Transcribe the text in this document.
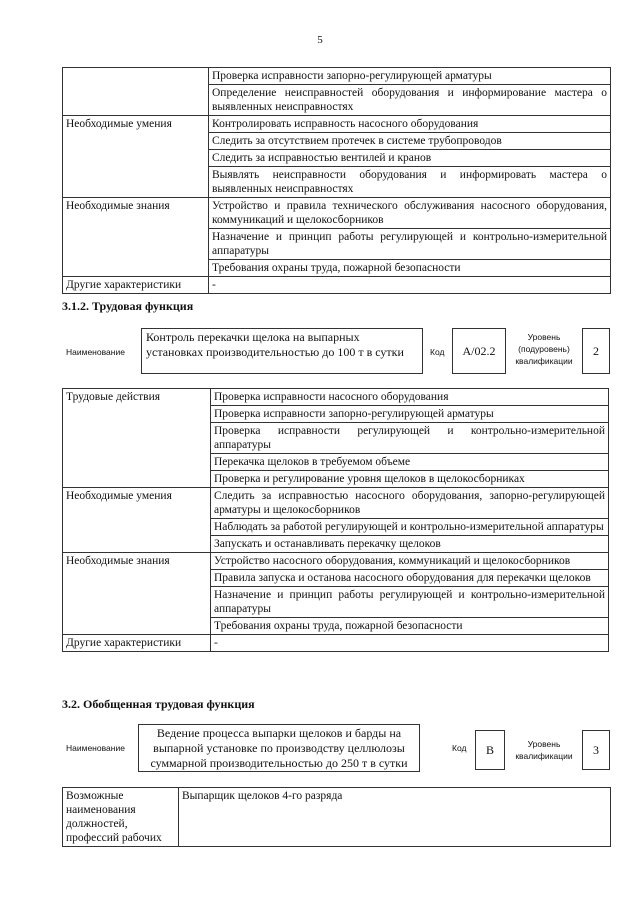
5
	Проверка исправности запорно-регулирующей арматуры
	Определение неисправностей оборудования и информирование мастера о выявленных неисправностях
Необходимые умения	Контролировать исправность насосного оборудования
	Следить за отсутствием протечек в системе трубопроводов
	Следить за исправностью вентилей и кранов
	Выявлять неисправности оборудования и информировать мастера о выявленных неисправностях
Необходимые знания	Устройство и правила технического обслуживания насосного оборудования, коммуникаций и щелокосборников
	Назначение и принцип работы регулирующей и контрольно-измерительной аппаратуры
	Требования охраны труда, пожарной безопасности
Другие характеристики	-
3.1.2. Трудовая функция
Наименование
Контроль перекачки щелока на выпарных установках производительностью до 100 т в сутки	Код	А/02.2
Уровень (подуровень) квалификации
2
Трудовые действия	Проверка исправности насосного оборудования
	Проверка исправности запорно-регулирующей арматуры
	Проверка исправности регулирующей и контрольно-измерительной аппаратуры
	Перекачка щелоков в требуемом объеме
	Проверка и регулирование уровня щелоков в щелокосборниках
Необходимые умения	Следить за исправностью насосного оборудования, запорно-регулирующей арматуры и щелокосборников
	Наблюдать за работой регулирующей и контрольно-измерительной аппаратуры
	Запускать и останавливать перекачку щелоков
Необходимые знания	Устройство насосного оборудования, коммуникаций и щелокосборников
	Правила запуска и останова насосного оборудования для перекачки щелоков
	Назначение и принцип работы регулирующей и контрольно-измерительной аппаратуры
	Требования охраны труда, пожарной безопасности
Другие характеристики	-
3.2. Обобщенная трудовая функция
Наименование
Ведение процесса выпарки щелоков и барды на выпарной установке по производству целлюлозы суммарной производительностью до 250 т в сутки
Код	В	Уровень квалификации	3
Возможные наименования должностей, профессий рабочих	Выпарщик щелоков 4-го разряда
